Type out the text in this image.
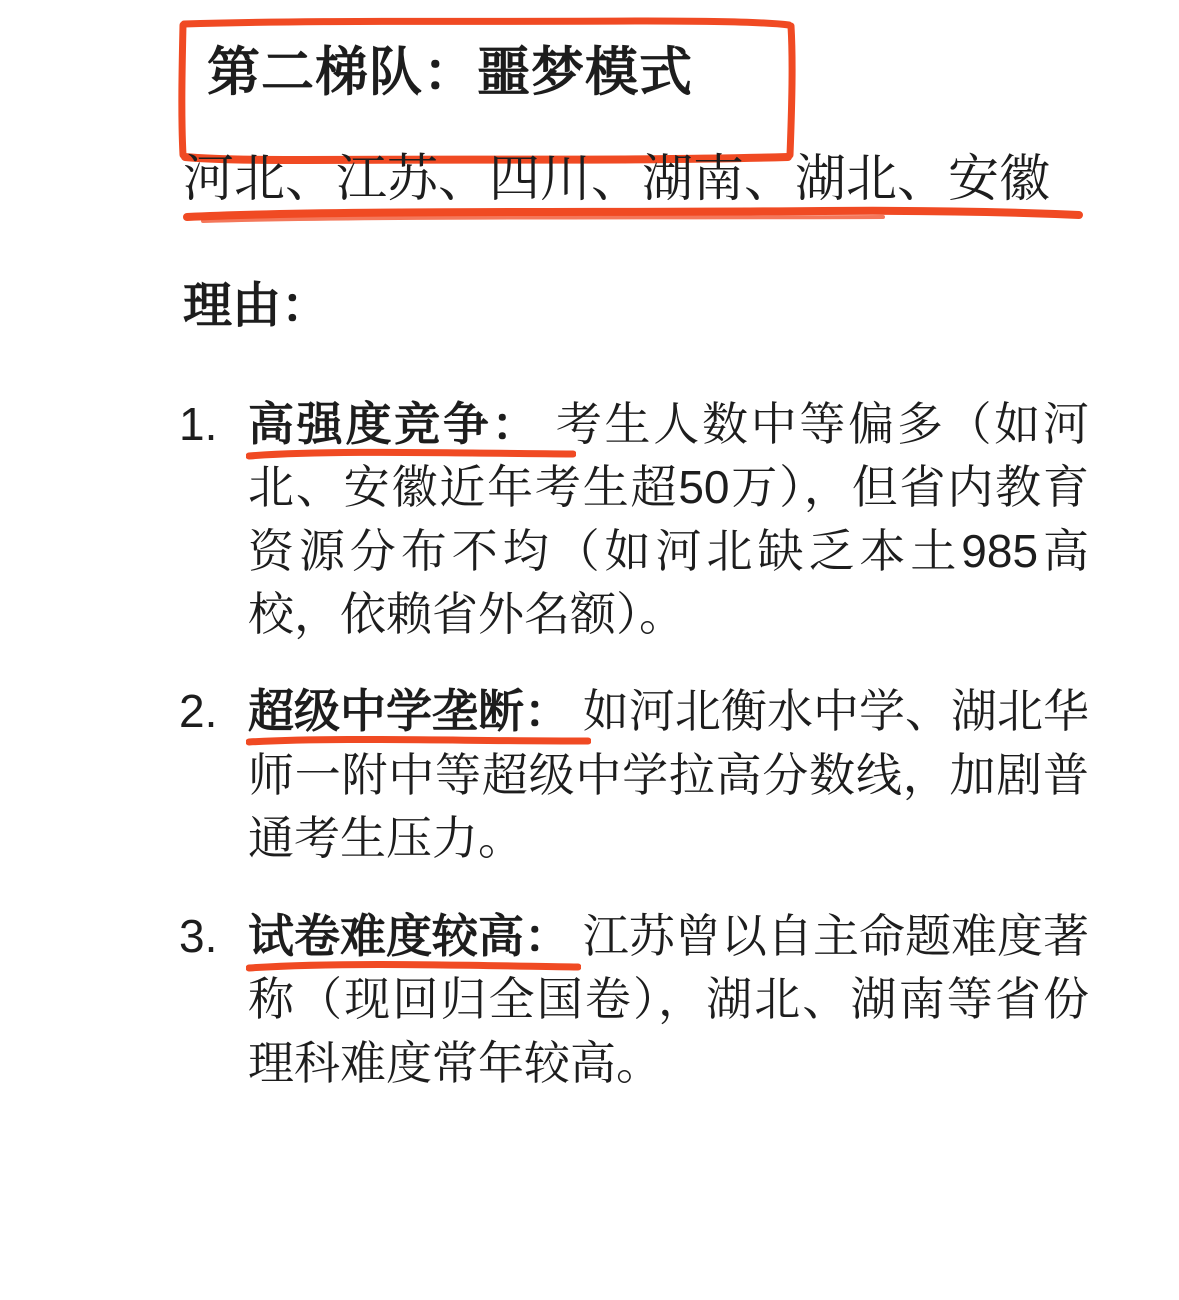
第二梯队：噩梦模式
河北、江苏、四川、湖南、湖北、安徽
理由：
1. 高强度竞争： 考生人数中等偏多（如河北、安徽近年考生超50万），但省内教育资源分布不均（如河北缺乏本土985高校，依赖省外名额）。
2. 超级中学垄断： 如河北衡水中学、湖北华师一附中等超级中学拉高分数线，加剧普通考生压力。
3. 试卷难度较高： 江苏曾以自主命题难度著称（现回归全国卷），湖北、湖南等省份理科难度常年较高。
